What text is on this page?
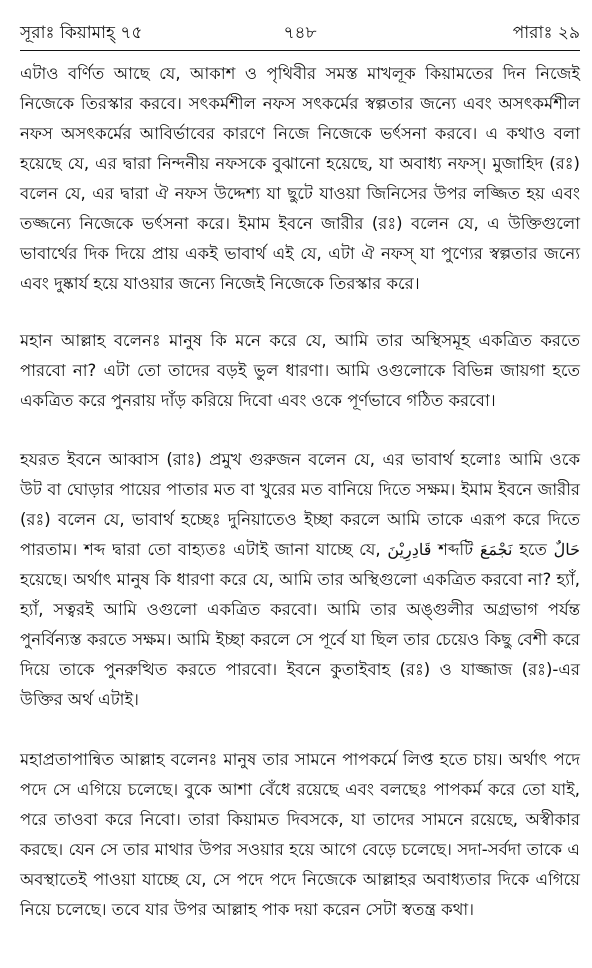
সূরাঃ কিয়ামাহ্ ৭৫	৭৪৮	পারাঃ ২৯

এটাও বর্ণিত আছে যে, আকাশ ও পৃথিবীর সমস্ত মাখলূক কিয়ামতের দিন নিজেই নিজেকে তিরস্কার করবে। সৎকর্মশীল নফস সৎকর্মের স্বল্পতার জন্যে এবং অসৎকর্মশীল নফস অসৎকর্মের আবির্ভাবের কারণে নিজে নিজেকে ভর্ৎসনা করবে। এ কথাও বলা হয়েছে যে, এর দ্বারা নিন্দনীয় নফসকে বুঝানো হয়েছে, যা অবাধ্য নফস্। মুজাহিদ (রঃ) বলেন যে, এর দ্বারা ঐ নফস উদ্দেশ্য যা ছুটে যাওয়া জিনিসের উপর লজ্জিত হয় এবং তজ্জন্যে নিজেকে ভর্ৎসনা করে। ইমাম ইবনে জারীর (রঃ) বলেন যে, এ উক্তিগুলো ভাবার্থের দিক দিয়ে প্রায় একই ভাবার্থ এই যে, এটা ঐ নফস্ যা পুণ্যের স্বল্পতার জন্যে এবং দুষ্কার্য হয়ে যাওয়ার জন্যে নিজেই নিজেকে তিরস্কার করে।

মহান আল্লাহ বলেনঃ মানুষ কি মনে করে যে, আমি তার অস্থিসমূহ একত্রিত করতে পারবো না? এটা তো তাদের বড়ই ভুল ধারণা। আমি ওগুলোকে বিভিন্ন জায়গা হতে একত্রিত করে পুনরায় দাঁড় করিয়ে দিবো এবং ওকে পূর্ণভাবে গঠিত করবো।

হযরত ইবনে আব্বাস (রাঃ) প্রমুখ গুরুজন বলেন যে, এর ভাবার্থ হলোঃ আমি ওকে উট বা ঘোড়ার পায়ের পাতার মত বা খুরের মত বানিয়ে দিতে সক্ষম। ইমাম ইবনে জারীর (রঃ) বলেন যে, ভাবার্থ হচ্ছেঃ দুনিয়াতেও ইচ্ছা করলে আমি তাকে এরূপ করে দিতে পারতাম। শব্দ দ্বারা তো বাহ্যতঃ এটাই জানা যাচ্ছে যে, قَادِرِيْنَ শব্দটি نَجْمَعَ হতে حَالٌ হয়েছে। অর্থাৎ মানুষ কি ধারণা করে যে, আমি তার অস্থিগুলো একত্রিত করবো না? হ্যাঁ, হ্যাঁ, সত্বরই আমি ওগুলো একত্রিত করবো। আমি তার অঙ্গুলীর অগ্রভাগ পর্যন্ত পুনর্বিন্যস্ত করতে সক্ষম। আমি ইচ্ছা করলে সে পূর্বে যা ছিল তার চেয়েও কিছু বেশী করে দিয়ে তাকে পুনরুত্থিত করতে পারবো। ইবনে কুতাইবাহ (রঃ) ও যাজ্জাজ (রঃ)-এর উক্তির অর্থ এটাই।

মহাপ্রতাপান্বিত আল্লাহ বলেনঃ মানুষ তার সামনে পাপকর্মে লিপ্ত হতে চায়। অর্থাৎ পদে পদে সে এগিয়ে চলেছে। বুকে আশা বেঁধে রয়েছে এবং বলছেঃ পাপকর্ম করে তো যাই, পরে তাওবা করে নিবো। তারা কিয়ামত দিবসকে, যা তাদের সামনে রয়েছে, অস্বীকার করছে। যেন সে তার মাথার উপর সওয়ার হয়ে আগে বেড়ে চলেছে। সদা-সর্বদা তাকে এ অবস্থাতেই পাওয়া যাচ্ছে যে, সে পদে পদে নিজেকে আল্লাহর অবাধ্যতার দিকে এগিয়ে নিয়ে চলেছে। তবে যার উপর আল্লাহ পাক দয়া করেন সেটা স্বতন্ত্র কথা।
